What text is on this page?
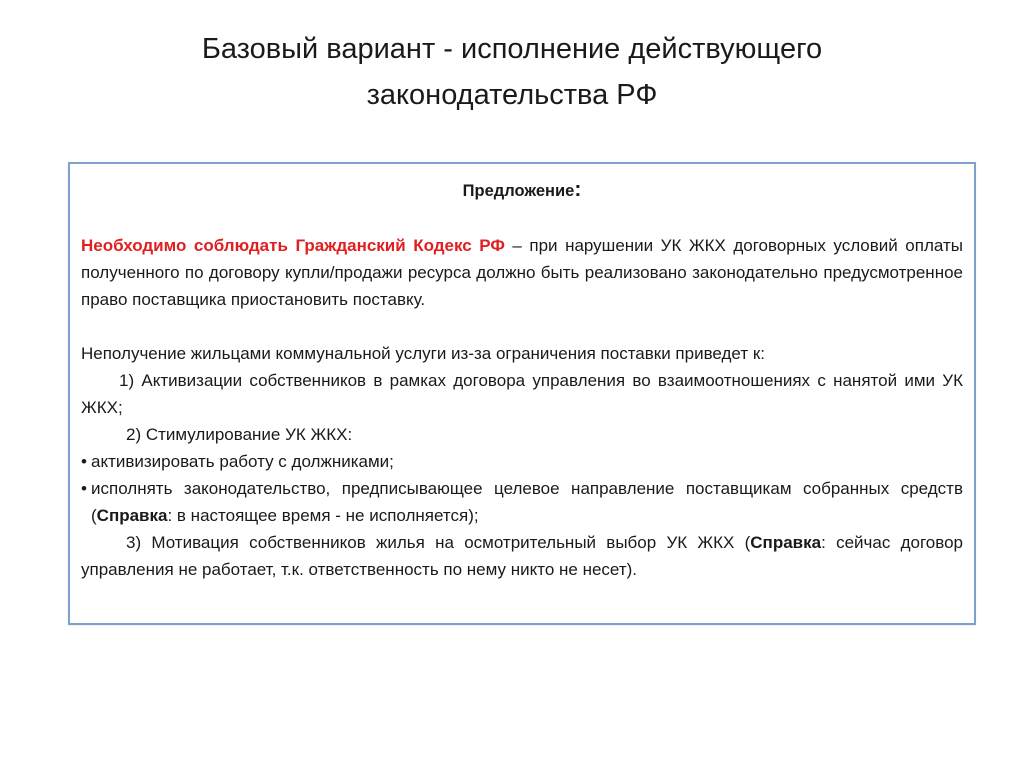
Базовый вариант - исполнение действующего
законодательства РФ
Предложение:
Необходимо соблюдать Гражданский Кодекс РФ – при нарушении УК ЖКХ договорных условий оплаты полученного по договору купли/продажи ресурса должно быть реализовано законодательно предусмотренное право поставщика приостановить поставку.
Неполучение жильцами коммунальной услуги из-за ограничения поставки приведет к:
1) Активизации собственников в рамках договора управления во взаимоотношениях с нанятой ими УК ЖКХ;
2) Стимулирование УК ЖКХ:
• активизировать работу с должниками;
• исполнять законодательство, предписывающее целевое направление поставщикам собранных средств (Справка: в настоящее время - не исполняется);
3) Мотивация собственников жилья на осмотрительный выбор УК ЖКХ (Справка: сейчас договор управления не работает, т.к. ответственность по нему никто не несет).
